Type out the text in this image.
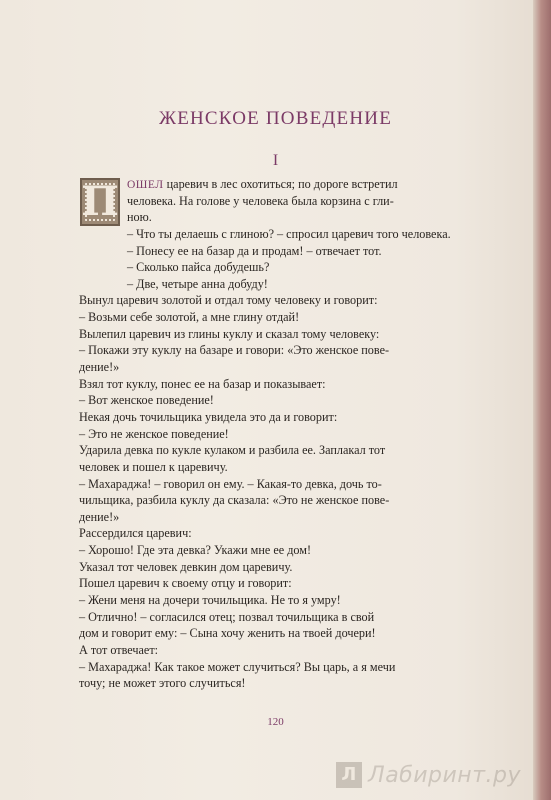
ЖЕНСКОЕ ПОВЕДЕНИЕ
I
П ОШЕЛ царевич в лес охотиться; по дороге встретил
человека. На голове у человека была корзина с гли-
ною.
– Что ты делаешь с глиною? – спросил царевич того человека.
– Понесу ее на базар да и продам! – отвечает тот.
– Сколько пайса добудешь?
– Две, четыре анна добуду!
Вынул царевич золотой и отдал тому человеку и говорит:
– Возьми себе золотой, а мне глину отдай!
Вылепил царевич из глины куклу и сказал тому человеку:
– Покажи эту куклу на базаре и говори: «Это женское пове-
дение!»
Взял тот куклу, понес ее на базар и показывает:
– Вот женское поведение!
Некая дочь точильщика увидела это да и говорит:
– Это не женское поведение!
Ударила девка по кукле кулаком и разбила ее. Заплакал тот
человек и пошел к царевичу.
– Махараджа! – говорил он ему. – Какая-то девка, дочь то-
чильщика, разбила куклу да сказала: «Это не женское пове-
дение!»
Рассердился царевич:
– Хорошо! Где эта девка? Укажи мне ее дом!
Указал тот человек девкин дом царевичу.
Пошел царевич к своему отцу и говорит:
– Жени меня на дочери точильщика. Не то я умру!
– Отлично! – согласился отец; позвал точильщика в свой
дом и говорит ему: – Сына хочу женить на твоей дочери!
А тот отвечает:
– Махараджа! Как такое может случиться? Вы царь, а я мечи
точу; не может этого случиться!
120
Л Лабиринт.ру
